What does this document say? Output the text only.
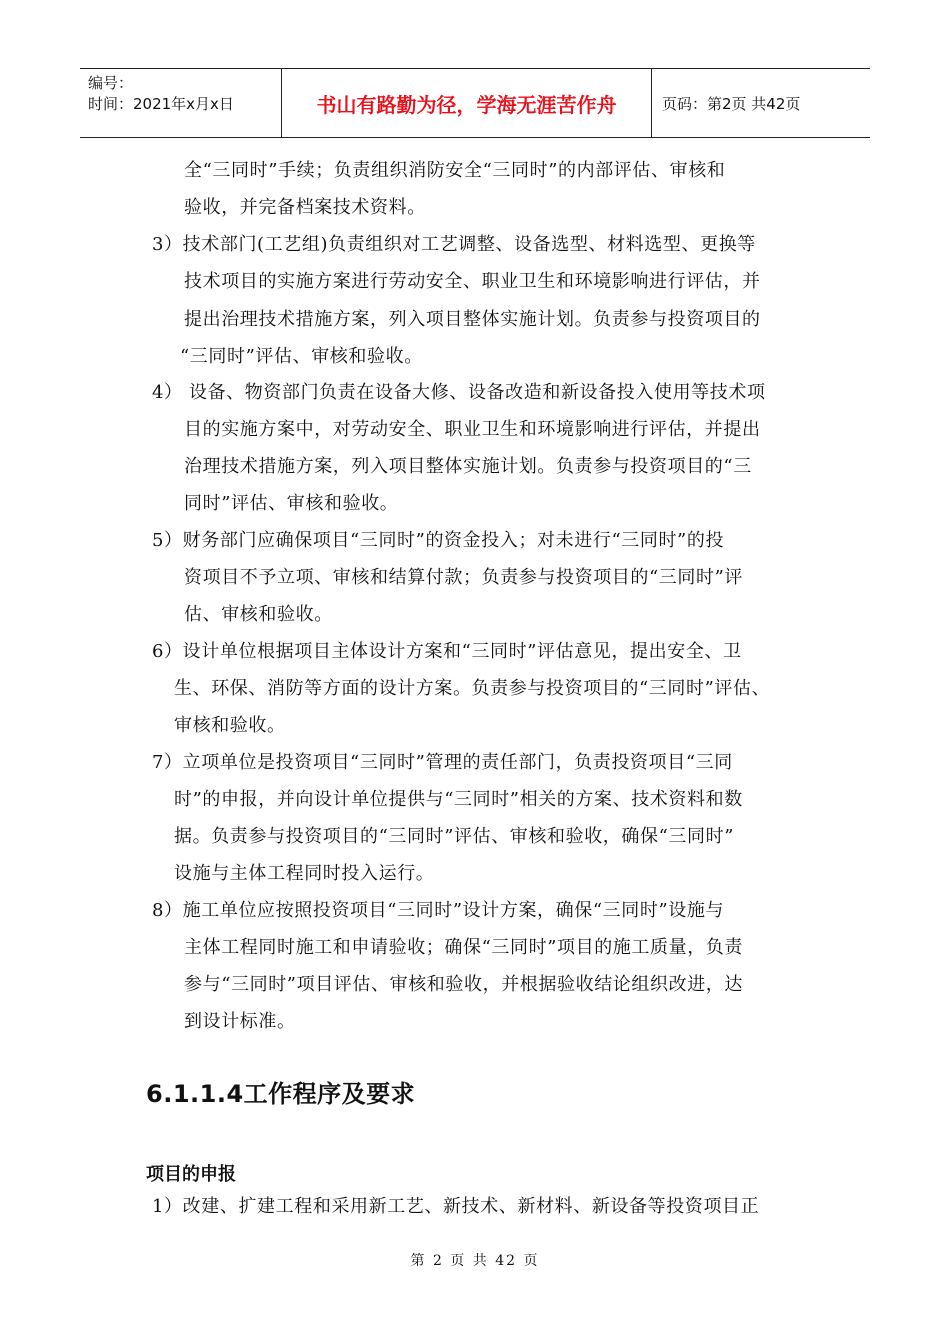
编号：
时间：2021年x月x日	书山有路勤为径，学海无涯苦作舟	页码：第2页 共42页
全“三同时”手续；负责组织消防安全“三同时”的内部评估、审核和
验收，并完备档案技术资料。
3）技术部门(工艺组)负责组织对工艺调整、设备选型、材料选型、更换等
技术项目的实施方案进行劳动安全、职业卫生和环境影响进行评估，并
提出治理技术措施方案，列入项目整体实施计划。负责参与投资项目的
“三同时”评估、审核和验收。
4） 设备、物资部门负责在设备大修、设备改造和新设备投入使用等技术项
目的实施方案中，对劳动安全、职业卫生和环境影响进行评估，并提出
治理技术措施方案，列入项目整体实施计划。负责参与投资项目的“三
同时”评估、审核和验收。
5）财务部门应确保项目“三同时”的资金投入；对未进行“三同时”的投
资项目不予立项、审核和结算付款；负责参与投资项目的“三同时”评
估、审核和验收。
6）设计单位根据项目主体设计方案和“三同时”评估意见，提出安全、卫
生、环保、消防等方面的设计方案。负责参与投资项目的“三同时”评估、
审核和验收。
7）立项单位是投资项目“三同时”管理的责任部门，负责投资项目“三同
时”的申报，并向设计单位提供与“三同时”相关的方案、技术资料和数
据。负责参与投资项目的“三同时”评估、审核和验收，确保“三同时”
设施与主体工程同时投入运行。
8）施工单位应按照投资项目“三同时”设计方案，确保“三同时”设施与
主体工程同时施工和申请验收；确保“三同时”项目的施工质量，负责
参与“三同时”项目评估、审核和验收，并根据验收结论组织改进，达
到设计标准。
6.1.1.4工作程序及要求
项目的申报
1）改建、扩建工程和采用新工艺、新技术、新材料、新设备等投资项目正
第 2 页 共 42 页
